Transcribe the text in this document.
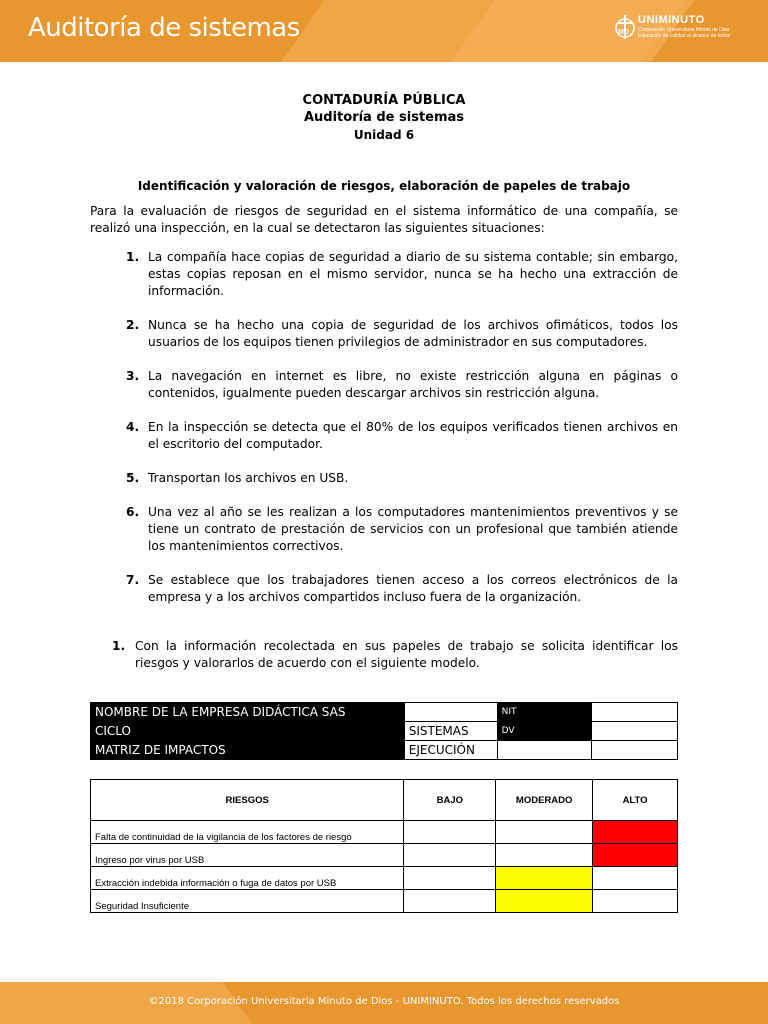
Auditoría de sistemas	MD
UNIMINUTO
Corporación Universitaria Minuto de Dios
Educación de calidad al alcance de todos
CONTADURÍA PÚBLICA
Auditoría de sistemas
Unidad 6
Identificación y valoración de riesgos, elaboración de papeles de trabajo
Para la evaluación de riesgos de seguridad en el sistema informático de una compañía, se realizó una inspección, en la cual se detectaron las siguientes situaciones:
1. La compañía hace copias de seguridad a diario de su sistema contable; sin embargo, estas copias reposan en el mismo servidor, nunca se ha hecho una extracción de información.
2. Nunca se ha hecho una copia de seguridad de los archivos ofimáticos, todos los usuarios de los equipos tienen privilegios de administrador en sus computadores.
3. La navegación en internet es libre, no existe restricción alguna en páginas o contenidos, igualmente pueden descargar archivos sin restricción alguna.
4. En la inspección se detecta que el 80% de los equipos verificados tienen archivos en el escritorio del computador.
5. Transportan los archivos en USB.
6. Una vez al año se les realizan a los computadores mantenimientos preventivos y se tiene un contrato de prestación de servicios con un profesional que también atiende los mantenimientos correctivos.
7. Se establece que los trabajadores tienen acceso a los correos electrónicos de la empresa y a los archivos compartidos incluso fuera de la organización.
1. Con la información recolectada en sus papeles de trabajo se solicita identificar los riesgos y valorarlos de acuerdo con el siguiente modelo.
NOMBRE DE LA EMPRESA DIDÁCTICA SAS		NIT	
CICLO	SISTEMAS	DV	
MATRIZ DE IMPACTOS	EJECUCIÓN		
RIESGOS	BAJO	MODERADO	ALTO
Falta de continuidad de la vigilancia de los factores de riesgo			
Ingreso por virus por USB			
Extracción indebida información o fuga de datos por USB			
Seguridad Insuficiente			
©2018 Corporación Universitaria Minuto de Dios - UNIMINUTO. Todos los derechos reservados
